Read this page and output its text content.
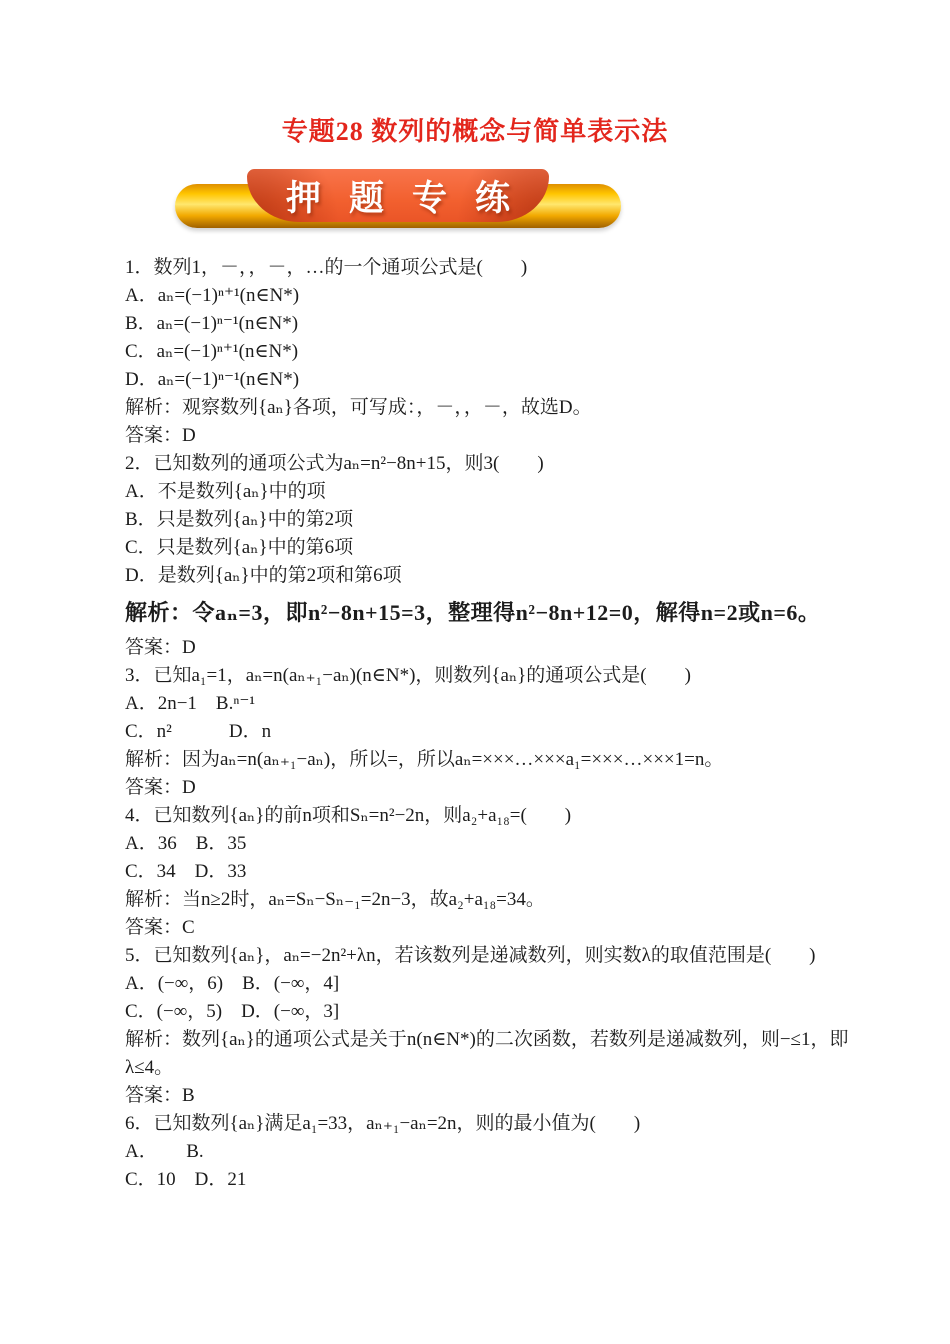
专题28 数列的概念与简单表示法
押题专练

1．数列1，－，，－，…的一个通项公式是(　　)

A．aₙ=(−1)ⁿ⁺¹(n∈N*)

B．aₙ=(−1)ⁿ⁻¹(n∈N*)

C．aₙ=(−1)ⁿ⁺¹(n∈N*)

D．aₙ=(−1)ⁿ⁻¹(n∈N*)

解析：观察数列{aₙ}各项，可写成：，－，，－，故选D。

答案：D

2．已知数列的通项公式为aₙ=n²−8n+15，则3(　　)

A．不是数列{aₙ}中的项

B．只是数列{aₙ}中的第2项

C．只是数列{aₙ}中的第6项

D．是数列{aₙ}中的第2项和第6项

解析：令aₙ=3，即n²−8n+15=3，整理得n²−8n+12=0，解得n=2或n=6。

答案：D

3．已知a₁=1，aₙ=n(aₙ₊₁−aₙ)(n∈N*)，则数列{aₙ}的通项公式是(　　)

A．2n−1　B.ⁿ⁻¹

C．n²　　　D．n

解析：因为aₙ=n(aₙ₊₁−aₙ)，所以=，所以aₙ=×××…×××a₁=×××…×××1=n。

答案：D

4．已知数列{aₙ}的前n项和Sₙ=n²−2n，则a₂+a₁₈=(　　)

A．36　B．35

C．34　D．33

解析：当n≥2时，aₙ=Sₙ−Sₙ₋₁=2n−3，故a₂+a₁₈=34。

答案：C

5．已知数列{aₙ}，aₙ=−2n²+λn，若该数列是递减数列，则实数λ的取值范围是(　　)

A．(−∞，6)　B．(−∞，4]

C．(−∞，5)　D．(−∞，3]

解析：数列{aₙ}的通项公式是关于n(n∈N*)的二次函数，若数列是递减数列，则−≤1，即

λ≤4。

答案：B

6．已知数列{aₙ}满足a₁=33，aₙ₊₁−aₙ=2n，则的最小值为(　　)

A．　　B.

C．10　D．21
